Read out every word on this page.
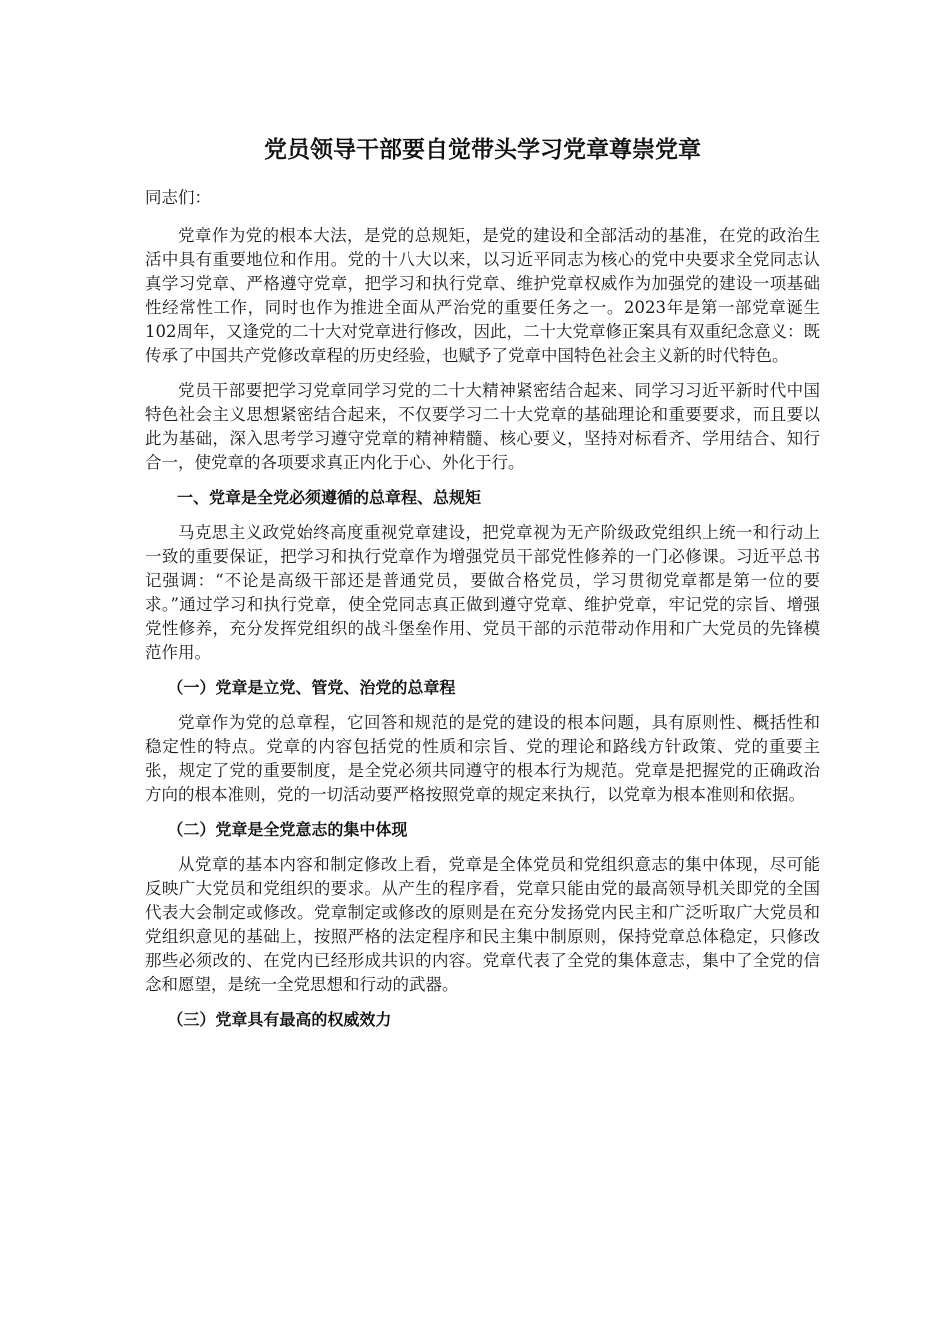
党员领导干部要自觉带头学习党章尊崇党章
同志们：

党章作为党的根本大法，是党的总规矩，是党的建设和全部活动的基准，在党的政治生活中具有重要地位和作用。党的十八大以来，以习近平同志为核心的党中央要求全党同志认真学习党章、严格遵守党章，把学习和执行党章、维护党章权威作为加强党的建设一项基础性经常性工作，同时也作为推进全面从严治党的重要任务之一。2023年是第一部党章诞生102周年，又逢党的二十大对党章进行修改，因此，二十大党章修正案具有双重纪念意义：既传承了中国共产党修改章程的历史经验，也赋予了党章中国特色社会主义新的时代特色。

党员干部要把学习党章同学习党的二十大精神紧密结合起来、同学习习近平新时代中国特色社会主义思想紧密结合起来，不仅要学习二十大党章的基础理论和重要要求，而且要以此为基础，深入思考学习遵守党章的精神精髓、核心要义，坚持对标看齐、学用结合、知行合一，使党章的各项要求真正内化于心、外化于行。

一、党章是全党必须遵循的总章程、总规矩

马克思主义政党始终高度重视党章建设，把党章视为无产阶级政党组织上统一和行动上一致的重要保证，把学习和执行党章作为增强党员干部党性修养的一门必修课。习近平总书记强调：“不论是高级干部还是普通党员，要做合格党员，学习贯彻党章都是第一位的要求。”通过学习和执行党章，使全党同志真正做到遵守党章、维护党章，牢记党的宗旨、增强党性修养，充分发挥党组织的战斗堡垒作用、党员干部的示范带动作用和广大党员的先锋模范作用。

（一）党章是立党、管党、治党的总章程

党章作为党的总章程，它回答和规范的是党的建设的根本问题，具有原则性、概括性和稳定性的特点。党章的内容包括党的性质和宗旨、党的理论和路线方针政策、党的重要主张，规定了党的重要制度，是全党必须共同遵守的根本行为规范。党章是把握党的正确政治方向的根本准则，党的一切活动要严格按照党章的规定来执行，以党章为根本准则和依据。

（二）党章是全党意志的集中体现

从党章的基本内容和制定修改上看，党章是全体党员和党组织意志的集中体现，尽可能反映广大党员和党组织的要求。从产生的程序看，党章只能由党的最高领导机关即党的全国代表大会制定或修改。党章制定或修改的原则是在充分发扬党内民主和广泛听取广大党员和党组织意见的基础上，按照严格的法定程序和民主集中制原则，保持党章总体稳定，只修改那些必须改的、在党内已经形成共识的内容。党章代表了全党的集体意志，集中了全党的信念和愿望，是统一全党思想和行动的武器。

（三）党章具有最高的权威效力
